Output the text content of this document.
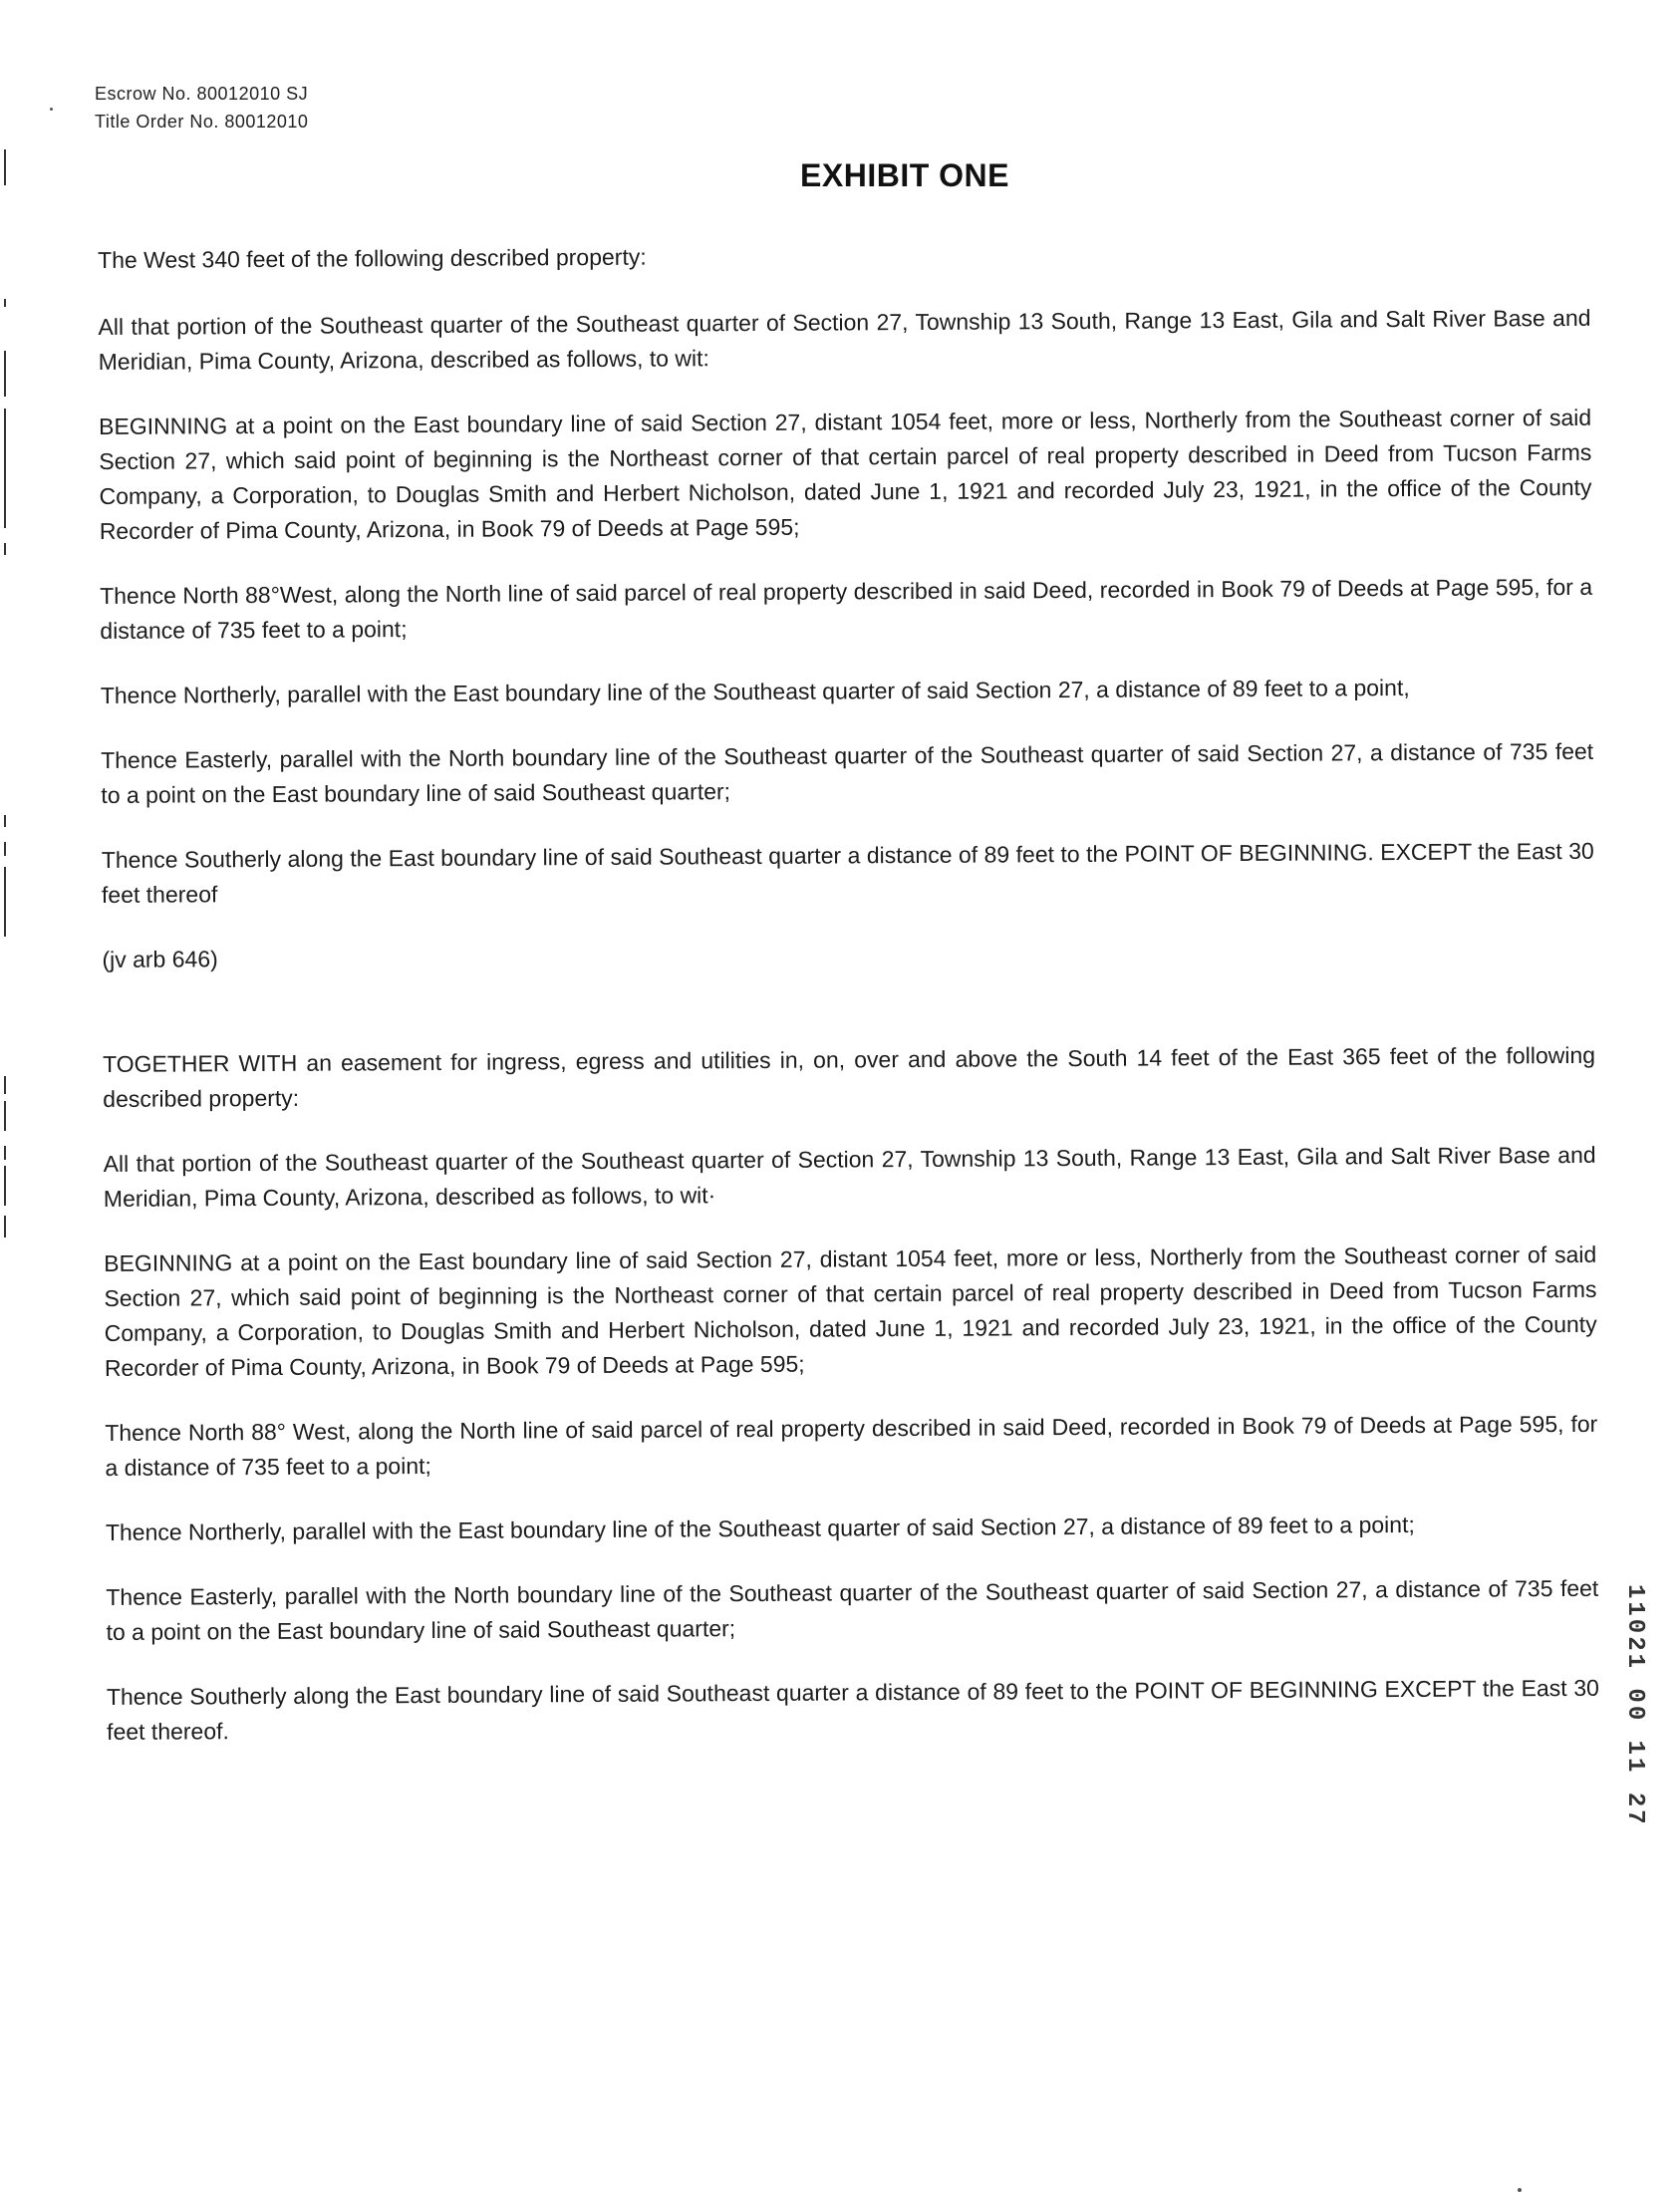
Escrow No. 80012010 SJ
Title Order No. 80012010
EXHIBIT ONE

The West 340 feet of the following described property:

All that portion of the Southeast quarter of the Southeast quarter of Section 27, Township 13 South, Range 13 East, Gila and Salt River Base and Meridian, Pima County, Arizona, described as follows, to wit:

BEGINNING at a point on the East boundary line of said Section 27, distant 1054 feet, more or less, Northerly from the Southeast corner of said Section 27, which said point of beginning is the Northeast corner of that certain parcel of real property described in Deed from Tucson Farms Company, a Corporation, to Douglas Smith and Herbert Nicholson, dated June 1, 1921 and recorded July 23, 1921, in the office of the County Recorder of Pima County, Arizona, in Book 79 of Deeds at Page 595;

Thence North 88°West, along the North line of said parcel of real property described in said Deed, recorded in Book 79 of Deeds at Page 595, for a distance of 735 feet to a point;

Thence Northerly, parallel with the East boundary line of the Southeast quarter of said Section 27, a distance of 89 feet to a point,

Thence Easterly, parallel with the North boundary line of the Southeast quarter of the Southeast quarter of said Section 27, a distance of 735 feet to a point on the East boundary line of said Southeast quarter;

Thence Southerly along the East boundary line of said Southeast quarter a distance of 89 feet to the POINT OF BEGINNING. EXCEPT the East 30 feet thereof

(jv arb 646)

TOGETHER WITH an easement for ingress, egress and utilities in, on, over and above the South 14 feet of the East 365 feet of the following described property:

All that portion of the Southeast quarter of the Southeast quarter of Section 27, Township 13 South, Range 13 East, Gila and Salt River Base and Meridian, Pima County, Arizona, described as follows, to wit·

BEGINNING at a point on the East boundary line of said Section 27, distant 1054 feet, more or less, Northerly from the Southeast corner of said Section 27, which said point of beginning is the Northeast corner of that certain parcel of real property described in Deed from Tucson Farms Company, a Corporation, to Douglas Smith and Herbert Nicholson, dated June 1, 1921 and recorded July 23, 1921, in the office of the County Recorder of Pima County, Arizona, in Book 79 of Deeds at Page 595;

Thence North 88° West, along the North line of said parcel of real property described in said Deed, recorded in Book 79 of Deeds at Page 595, for a distance of 735 feet to a point;

Thence Northerly, parallel with the East boundary line of the Southeast quarter of said Section 27, a distance of 89 feet to a point;

Thence Easterly, parallel with the North boundary line of the Southeast quarter of the Southeast quarter of said Section 27, a distance of 735 feet to a point on the East boundary line of said Southeast quarter;

Thence Southerly along the East boundary line of said Southeast quarter a distance of 89 feet to the POINT OF BEGINNING EXCEPT the East 30 feet thereof.	11021 00 11 27
